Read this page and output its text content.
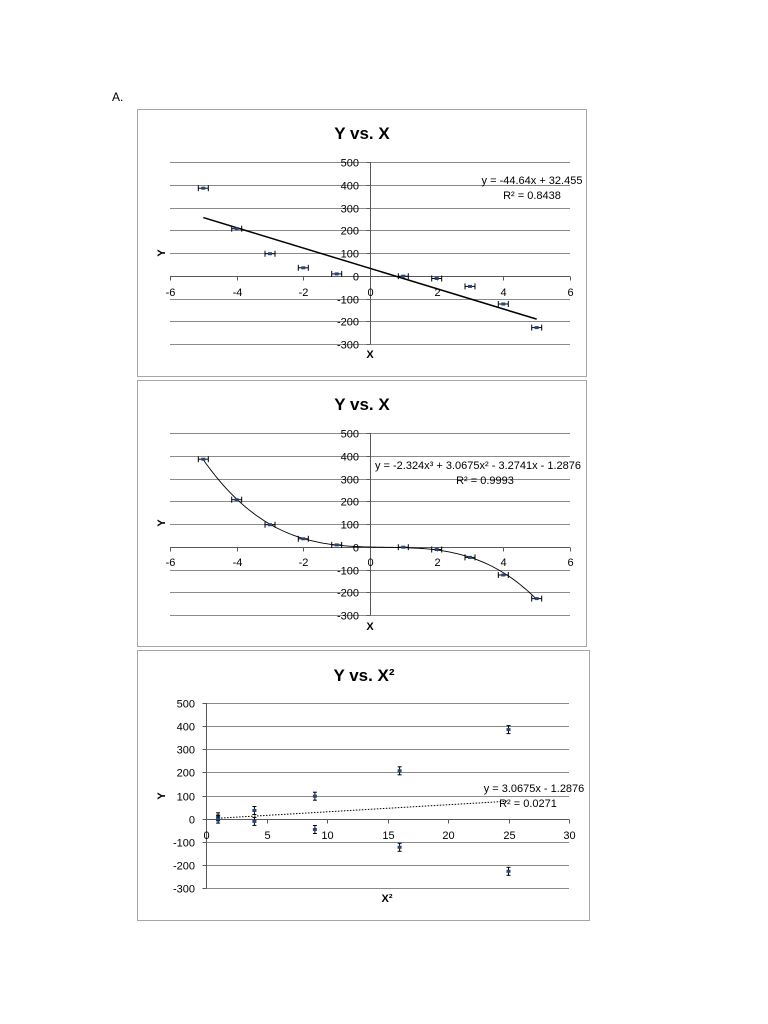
A.
500
400
300
200
100
0
-100
-200
-300
-6	-4	-2	0	2	4	6
Y vs. X
X
Y
y = -44.64x + 32.455
R² = 0.8438
500
400
300
200
100
0
-100
-200
-300
-6	-4	-2	0	2	4	6
Y vs. X
X
Y
y = -2.324x³ + 3.0675x² - 3.2741x - 1.2876
R² = 0.9993
500
400
300
200
100
0
-100
-200
-300
0	5	10	15	20	25	30
Y vs. X²
X²
Y
y = 3.0675x - 1.2876
R² = 0.0271
